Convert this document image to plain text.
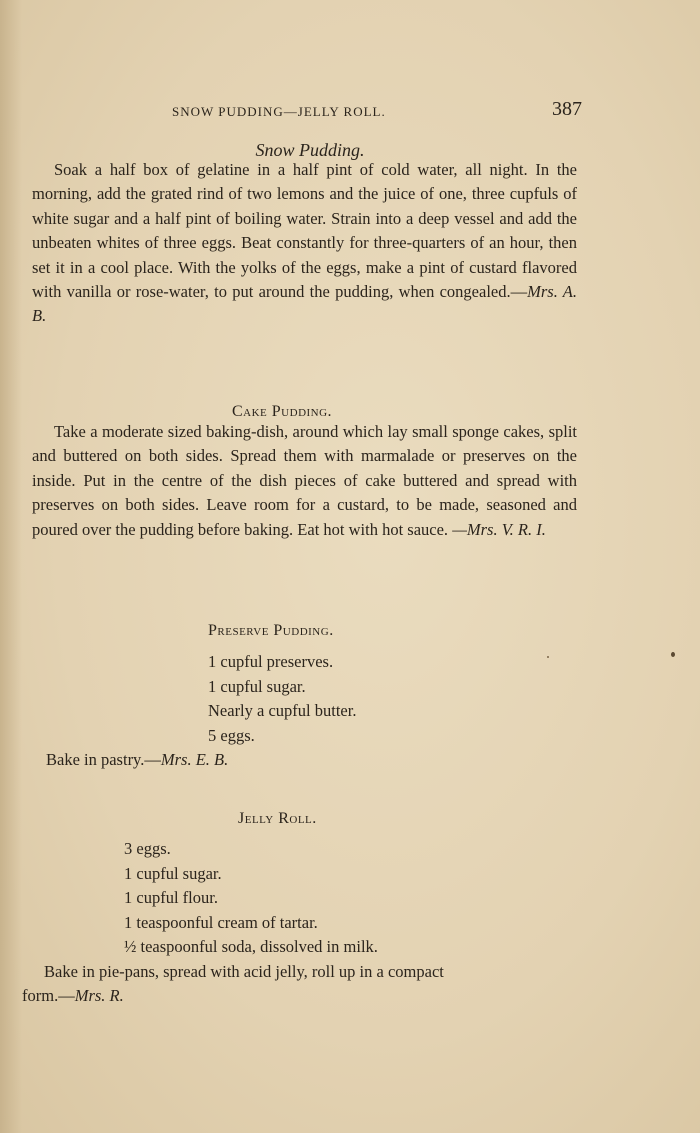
SNOW PUDDING—JELLY ROLL.	387
Snow Pudding.

Soak a half box of gelatine in a half pint of cold water, all night. In the morning, add the grated rind of two lemons and the juice of one, three cupfuls of white sugar and a half pint of boiling water. Strain into a deep vessel and add the unbeaten whites of three eggs. Beat constantly for three-quarters of an hour, then set it in a cool place. With the yolks of the eggs, make a pint of custard flavored with vanilla or rose-water, to put around the pudding, when congealed.—Mrs. A. B.

Cake Pudding.

Take a moderate sized baking-dish, around which lay small sponge cakes, split and buttered on both sides. Spread them with marmalade or preserves on the inside. Put in the centre of the dish pieces of cake buttered and spread with preserves on both sides. Leave room for a custard, to be made, seasoned and poured over the pudding before baking. Eat hot with hot sauce. —Mrs. V. R. I.

Preserve Pudding.
1 cupful preserves.
1 cupful sugar.
Nearly a cupful butter.
5 eggs.
Bake in pastry.—Mrs. E. B.
Jelly Roll.
3 eggs.
1 cupful sugar.
1 cupful flour.
1 teaspoonful cream of tartar.
½ teaspoonful soda, dissolved in milk.
Bake in pie-pans, spread with acid jelly, roll up in a compact
form.—Mrs. R.
